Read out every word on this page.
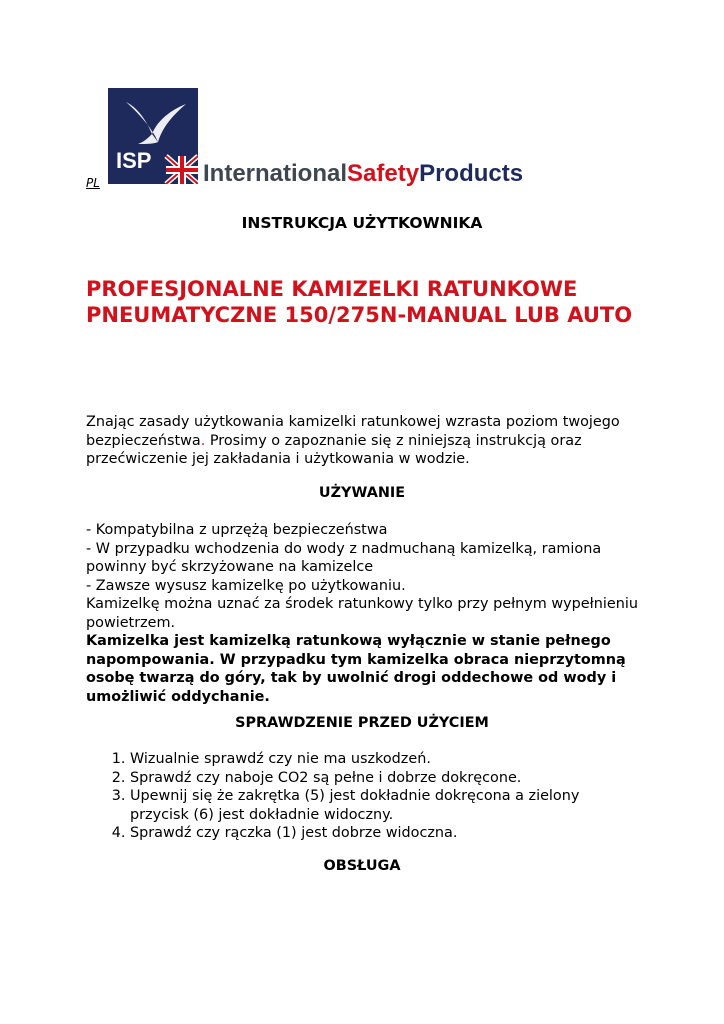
PL
ISP InternationalSafetyProducts
INSTRUKCJA UŻYTKOWNIKA
PROFESJONALNE KAMIZELKI RATUNKOWE PNEUMATYCZNE 150/275N-MANUAL LUB AUTO

Znając zasady użytkowania kamizelki ratunkowej wzrasta poziom twojego bezpieczeństwa. Prosimy o zapoznanie się z niniejszą instrukcją oraz przećwiczenie jej zakładania i użytkowania w wodzie.

UŻYWANIE

- Kompatybilna z uprzężą bezpieczeństwa

- W przypadku wchodzenia do wody z nadmuchaną kamizelką, ramiona powinny być skrzyżowane na kamizelce

- Zawsze wysusz kamizelkę po użytkowaniu.

Kamizelkę można uznać za środek ratunkowy tylko przy pełnym wypełnieniu powietrzem.

Kamizelka jest kamizelką ratunkową wyłącznie w stanie pełnego napompowania. W przypadku tym kamizelka obraca nieprzytomną osobę twarzą do góry, tak by uwolnić drogi oddechowe od wody i umożliwić oddychanie.

SPRAWDZENIE PRZED UŻYCIEM
1. Wizualnie sprawdź czy nie ma uszkodzeń.
2. Sprawdź czy naboje CO2 są pełne i dobrze dokręcone.
3. Upewnij się że zakrętka (5) jest dokładnie dokręcona a zielony przycisk (6) jest dokładnie widoczny.
4. Sprawdź czy rączka (1) jest dobrze widoczna.
OBSŁUGA
